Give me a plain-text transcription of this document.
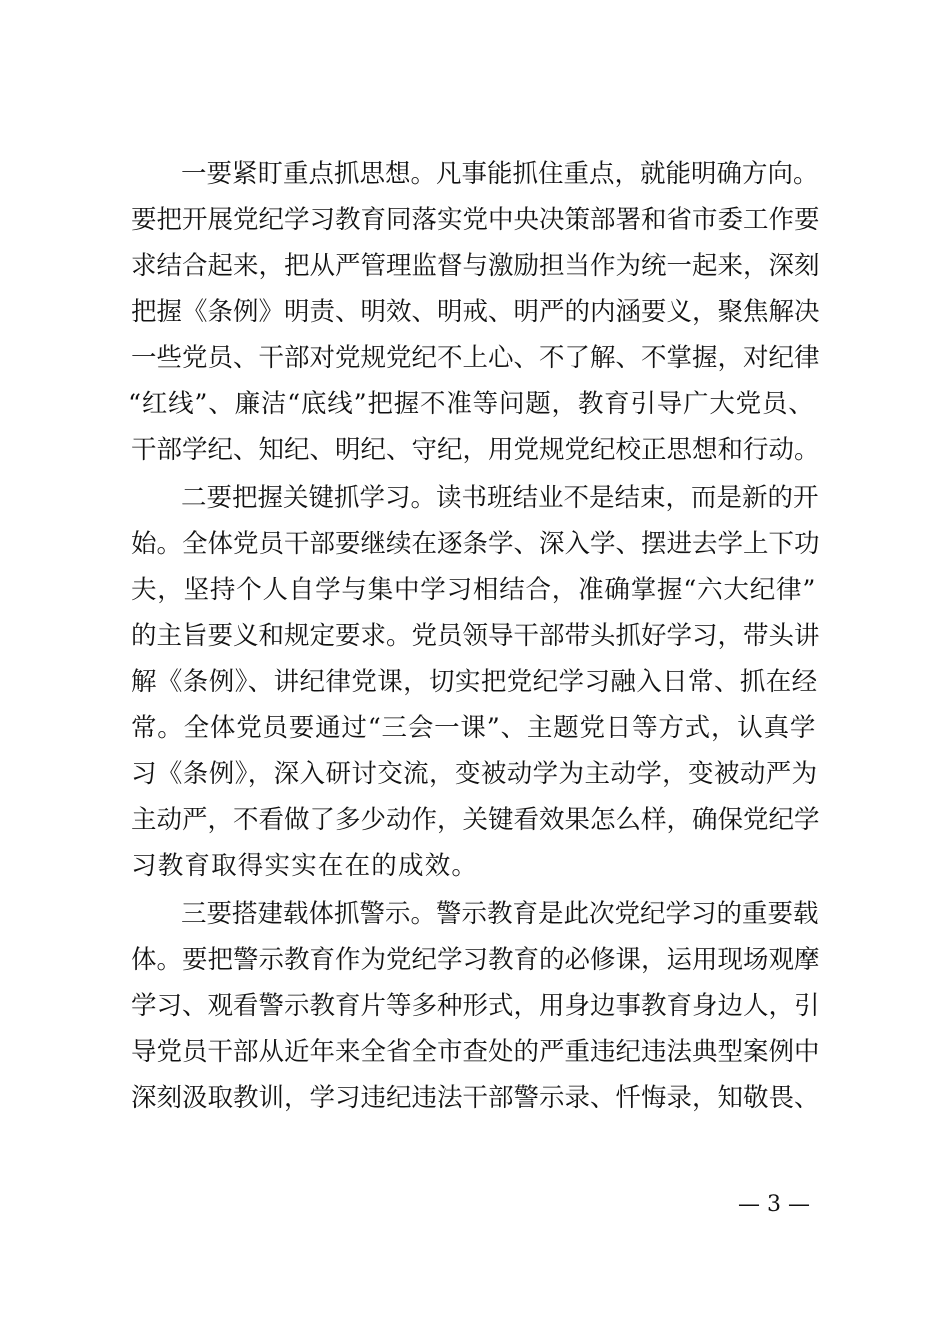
一要紧盯重点抓思想。凡事能抓住重点，就能明确方向。
要把开展党纪学习教育同落实党中央决策部署和省市委工作要
求结合起来，把从严管理监督与激励担当作为统一起来，深刻
把握《条例》明责、明效、明戒、明严的内涵要义，聚焦解决
一些党员、干部对党规党纪不上心、不了解、不掌握，对纪律
“红线”、廉洁“底线”把握不准等问题，教育引导广大党员、
干部学纪、知纪、明纪、守纪，用党规党纪校正思想和行动。
二要把握关键抓学习。读书班结业不是结束，而是新的开
始。全体党员干部要继续在逐条学、深入学、摆进去学上下功
夫，坚持个人自学与集中学习相结合，准确掌握“六大纪律”
的主旨要义和规定要求。党员领导干部带头抓好学习，带头讲
解《条例》、讲纪律党课，切实把党纪学习融入日常、抓在经
常。全体党员要通过“三会一课”、主题党日等方式，认真学
习《条例》，深入研讨交流，变被动学为主动学，变被动严为
主动严，不看做了多少动作，关键看效果怎么样，确保党纪学
习教育取得实实在在的成效。
三要搭建载体抓警示。警示教育是此次党纪学习的重要载
体。要把警示教育作为党纪学习教育的必修课，运用现场观摩
学习、观看警示教育片等多种形式，用身边事教育身边人，引
导党员干部从近年来全省全市查处的严重违纪违法典型案例中
深刻汲取教训，学习违纪违法干部警示录、忏悔录，知敬畏、
— 3 —
